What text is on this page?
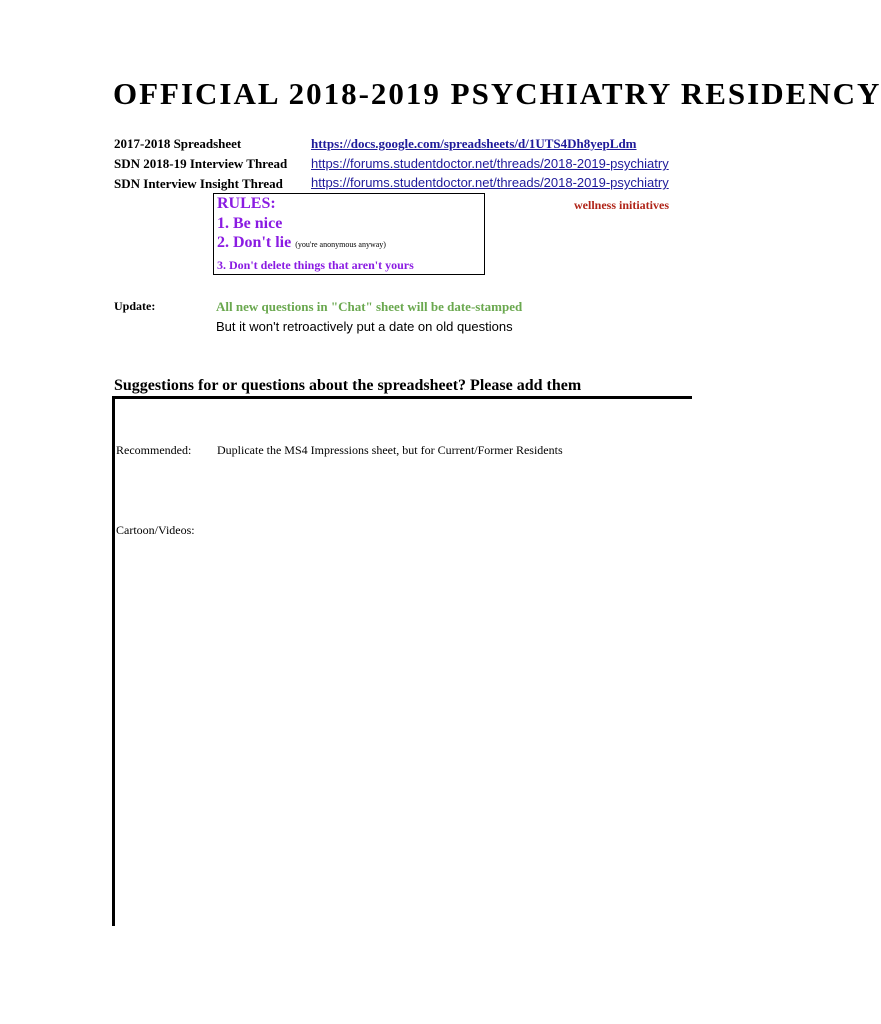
OFFICIAL 2018-2019 PSYCHIATRY RESIDENCY
2017-2018 Spreadsheet	https://docs.google.com/spreadsheets/d/1UTS4Dh8yepLdm
SDN 2018-19 Interview Thread https://forums.studentdoctor.net/threads/2018-2019-psychiatry
SDN Interview Insight Thread https://forums.studentdoctor.net/threads/2018-2019-psychiatry
RULES:
1. Be nice
2. Don't lie (you're anonymous anyway)
3. Don't delete things that aren't yours
wellness initiatives
Update:	All new questions in "Chat" sheet will be date-stamped
But it won't retroactively put a date on old questions
Suggestions for or questions about the spreadsheet? Please add them
Recommended: Duplicate the MS4 Impressions sheet, but for Current/Former Residents
Cartoon/Videos:
